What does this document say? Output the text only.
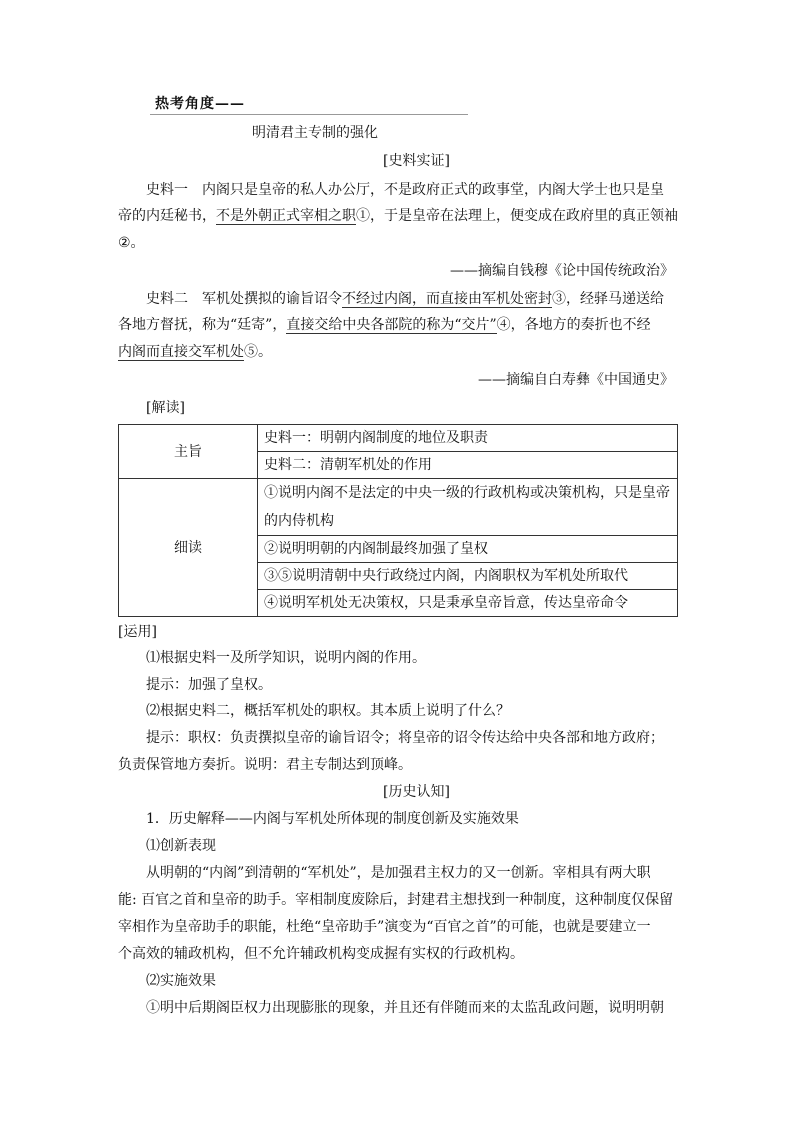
热考角度——
明清君主专制的强化
[史料实证]
史料一　内阁只是皇帝的私人办公厅，不是政府正式的政事堂，内阁大学士也只是皇
帝的内廷秘书，不是外朝正式宰相之职①，于是皇帝在法理上，便变成在政府里的真正领袖
②。
——摘编自钱穆《论中国传统政治》
史料二　军机处撰拟的谕旨诏令不经过内阁，而直接由军机处密封③，经驿马递送给
各地方督抚，称为“廷寄”，直接交给中央各部院的称为“交片”④，各地方的奏折也不经
内阁而直接交军机处⑤。
——摘编自白寿彝《中国通史》
[解读]
主旨	史料一：明朝内阁制度的地位及职责
	史料二：清朝军机处的作用
细读	①说明内阁不是法定的中央一级的行政机构或决策机构，只是皇帝的内侍机构
	②说明明朝的内阁制最终加强了皇权
	③⑤说明清朝中央行政绕过内阁，内阁职权为军机处所取代
	④说明军机处无决策权，只是秉承皇帝旨意，传达皇帝命令
[运用]
⑴根据史料一及所学知识，说明内阁的作用。
提示：加强了皇权。
⑵根据史料二，概括军机处的职权。其本质上说明了什么？
提示：职权：负责撰拟皇帝的谕旨诏令；将皇帝的诏令传达给中央各部和地方政府；
负责保管地方奏折。说明：君主专制达到顶峰。
[历史认知]
1．历史解释——内阁与军机处所体现的制度创新及实施效果
⑴创新表现
从明朝的“内阁”到清朝的“军机处”，是加强君主权力的又一创新。宰相具有两大职
能: 百官之首和皇帝的助手。宰相制度废除后，封建君主想找到一种制度，这种制度仅保留
宰相作为皇帝助手的职能，杜绝“皇帝助手”演变为“百官之首”的可能，也就是要建立一
个高效的辅政机构，但不允许辅政机构变成握有实权的行政机构。
⑵实施效果
①明中后期阁臣权力出现膨胀的现象，并且还有伴随而来的太监乱政问题，说明明朝
